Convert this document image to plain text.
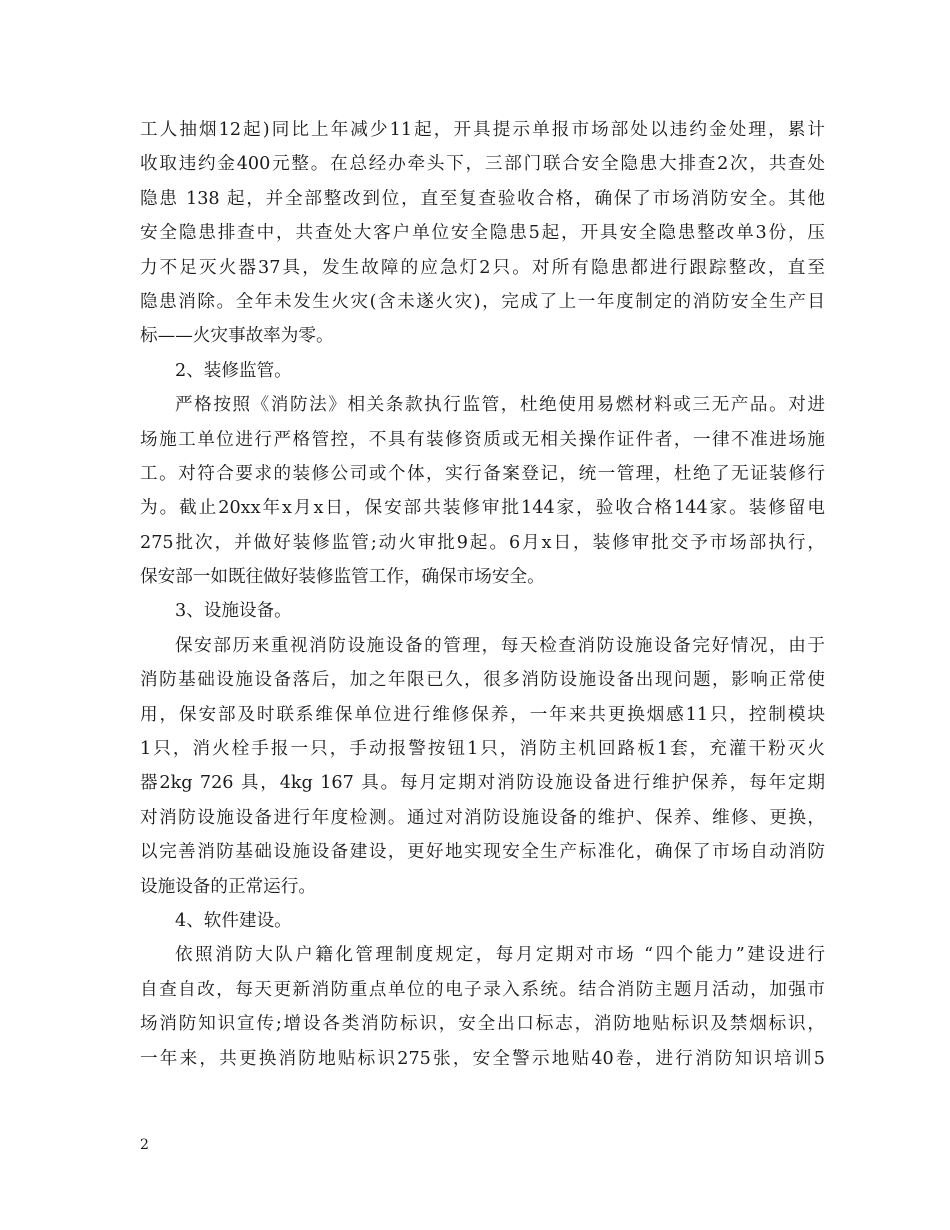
工人抽烟12起)同比上年减少11起，开具提示单报市场部处以违约金处理，累计
收取违约金400元整。在总经办牵头下，三部门联合安全隐患大排查2次，共查处
隐患 138 起，并全部整改到位，直至复查验收合格，确保了市场消防安全。其他
安全隐患排查中，共查处大客户单位安全隐患5起，开具安全隐患整改单3份，压
力不足灭火器37具，发生故障的应急灯2只。对所有隐患都进行跟踪整改，直至
隐患消除。全年未发生火灾(含未遂火灾)，完成了上一年度制定的消防安全生产目
标——火灾事故率为零。
2、装修监管。
严格按照《消防法》相关条款执行监管，杜绝使用易燃材料或三无产品。对进
场施工单位进行严格管控，不具有装修资质或无相关操作证件者，一律不准进场施
工。对符合要求的装修公司或个体，实行备案登记，统一管理，杜绝了无证装修行
为。截止20xx年x月x日，保安部共装修审批144家，验收合格144家。装修留电
275批次，并做好装修监管;动火审批9起。6月x日，装修审批交予市场部执行，
保安部一如既往做好装修监管工作，确保市场安全。
3、设施设备。
保安部历来重视消防设施设备的管理，每天检查消防设施设备完好情况，由于
消防基础设施设备落后，加之年限已久，很多消防设施设备出现问题，影响正常使
用，保安部及时联系维保单位进行维修保养，一年来共更换烟感11只，控制模块
1只，消火栓手报一只，手动报警按钮1只，消防主机回路板1套，充灌干粉灭火
器2kg 726 具，4kg 167 具。每月定期对消防设施设备进行维护保养，每年定期
对消防设施设备进行年度检测。通过对消防设施设备的维护、保养、维修、更换，
以完善消防基础设施设备建设，更好地实现安全生产标准化，确保了市场自动消防
设施设备的正常运行。
4、软件建设。
依照消防大队户籍化管理制度规定，每月定期对市场 “四个能力”建设进行
自查自改，每天更新消防重点单位的电子录入系统。结合消防主题月活动，加强市
场消防知识宣传;增设各类消防标识，安全出口标志，消防地贴标识及禁烟标识，
一年来，共更换消防地贴标识275张，安全警示地贴40卷，进行消防知识培训5
2
